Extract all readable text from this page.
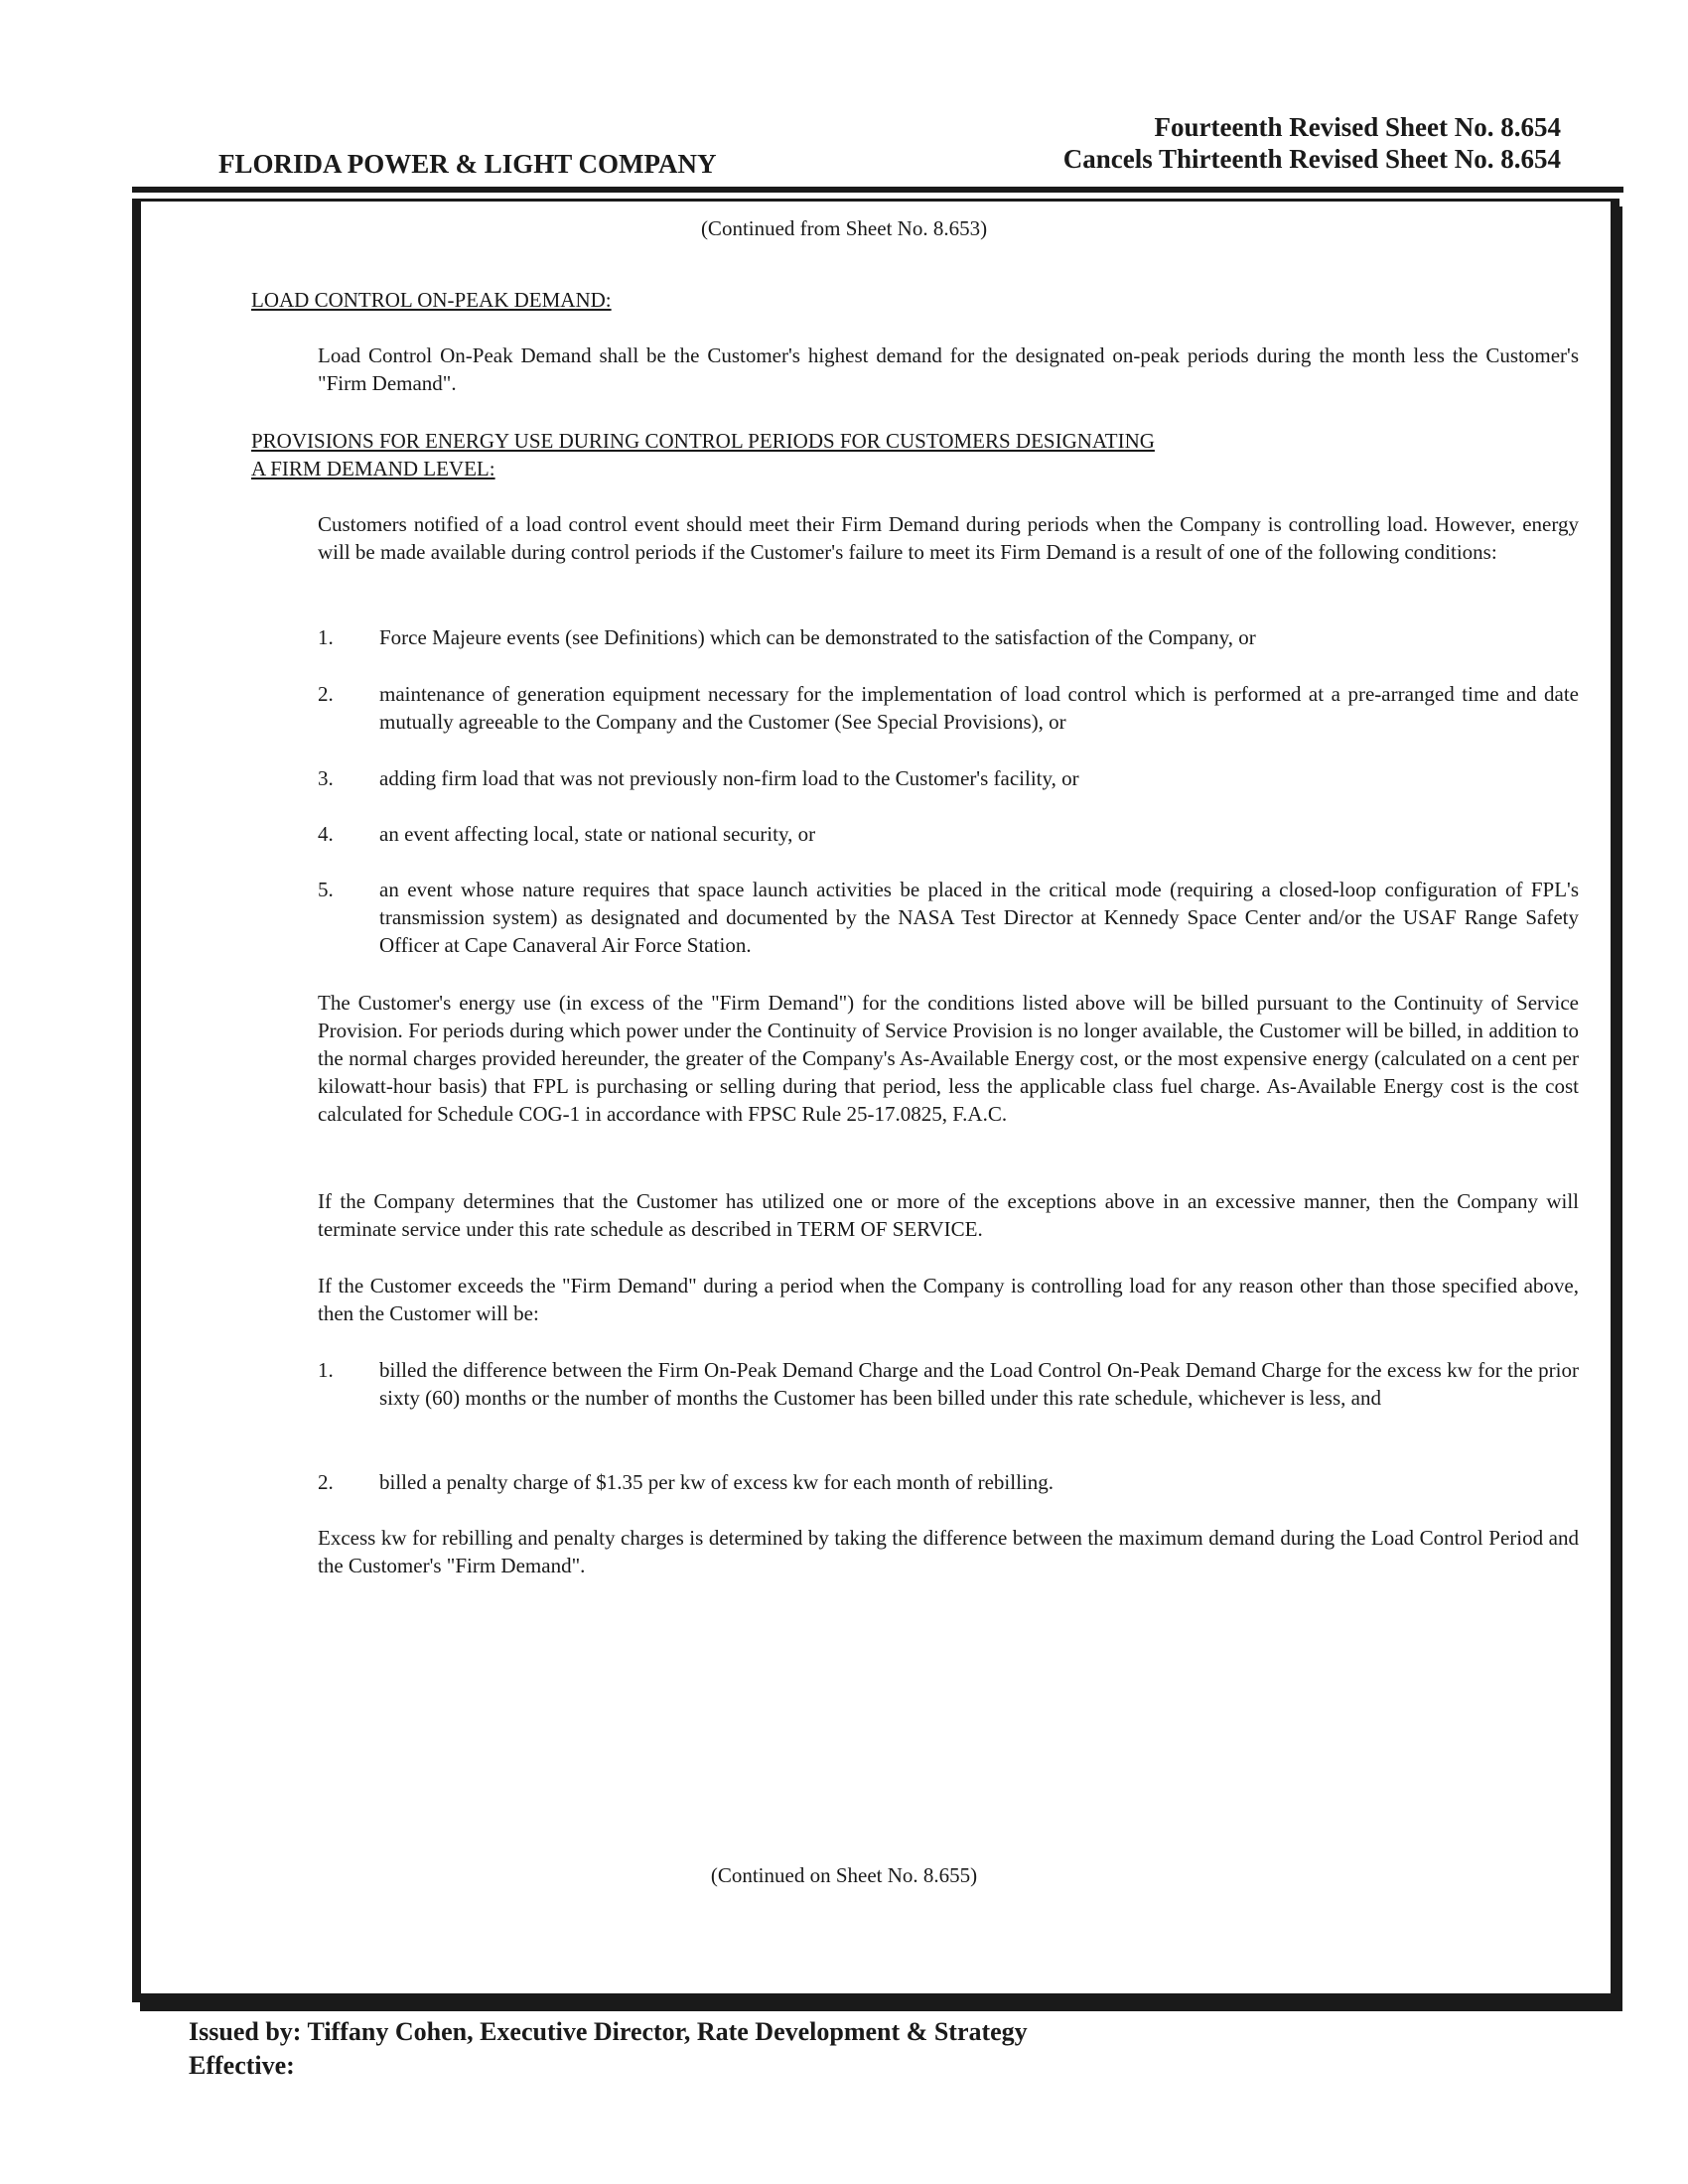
Fourteenth Revised Sheet No. 8.654
Cancels Thirteenth Revised Sheet No. 8.654
FLORIDA POWER & LIGHT COMPANY
(Continued from Sheet No. 8.653)
LOAD CONTROL ON-PEAK DEMAND:
Load Control On-Peak Demand shall be the Customer's highest demand for the designated on-peak periods during the month less the Customer's "Firm Demand".
PROVISIONS FOR ENERGY USE DURING CONTROL PERIODS FOR CUSTOMERS DESIGNATING
A FIRM DEMAND LEVEL:
Customers notified of a load control event should meet their Firm Demand during periods when the Company is controlling load. However, energy will be made available during control periods if the Customer's failure to meet its Firm Demand is a result of one of the following conditions:
1. Force Majeure events (see Definitions) which can be demonstrated to the satisfaction of the Company, or
2. maintenance of generation equipment necessary for the implementation of load control which is performed at a pre-arranged time and date mutually agreeable to the Company and the Customer (See Special Provisions), or
3. adding firm load that was not previously non-firm load to the Customer's facility, or
4. an event affecting local, state or national security, or
5. an event whose nature requires that space launch activities be placed in the critical mode (requiring a closed-loop configuration of FPL's transmission system) as designated and documented by the NASA Test Director at Kennedy Space Center and/or the USAF Range Safety Officer at Cape Canaveral Air Force Station.
The Customer's energy use (in excess of the "Firm Demand") for the conditions listed above will be billed pursuant to the Continuity of Service Provision. For periods during which power under the Continuity of Service Provision is no longer available, the Customer will be billed, in addition to the normal charges provided hereunder, the greater of the Company's As-Available Energy cost, or the most expensive energy (calculated on a cent per kilowatt-hour basis) that FPL is purchasing or selling during that period, less the applicable class fuel charge. As-Available Energy cost is the cost calculated for Schedule COG-1 in accordance with FPSC Rule 25-17.0825, F.A.C.
If the Company determines that the Customer has utilized one or more of the exceptions above in an excessive manner, then the Company will terminate service under this rate schedule as described in TERM OF SERVICE.
If the Customer exceeds the "Firm Demand" during a period when the Company is controlling load for any reason other than those specified above, then the Customer will be:
1. billed the difference between the Firm On-Peak Demand Charge and the Load Control On-Peak Demand Charge for the excess kw for the prior sixty (60) months or the number of months the Customer has been billed under this rate schedule, whichever is less, and
2. billed a penalty charge of $1.35 per kw of excess kw for each month of rebilling.
Excess kw for rebilling and penalty charges is determined by taking the difference between the maximum demand during the Load Control Period and the Customer's "Firm Demand".
(Continued on Sheet No. 8.655)
Issued by: Tiffany Cohen, Executive Director, Rate Development & Strategy
Effective:
